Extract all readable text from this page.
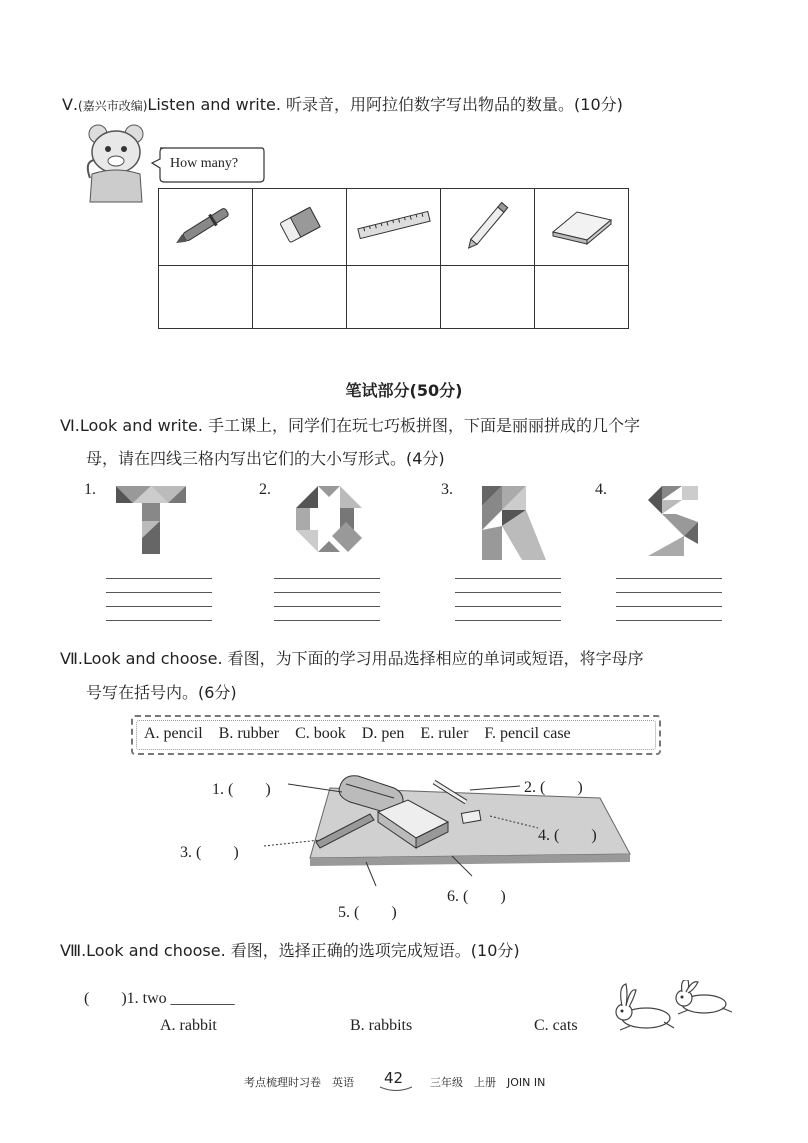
Ⅴ.(嘉兴市改编)Listen and write. 听录音，用阿拉伯数字写出物品的数量。(10分)
How many?

笔试部分(50分)
Ⅵ.Look and write. 手工课上，同学们在玩七巧板拼图，下面是丽丽拼成的几个字
母，请在四线三格内写出它们的大小写形式。(4分)
1.	2.	3.	4.
Ⅶ.Look and choose. 看图，为下面的学习用品选择相应的单词或短语，将字母序
号写在括号内。(6分)
A. pencil B. rubber C. book D. pen E. ruler F. pencil case
1. (　　)	2. (　　)
3. (　　)
4. (　　)
5. (　　)
6. (　　)
Ⅷ.Look and choose. 看图，选择正确的选项完成短语。(10分)
(　　)1. two ________
A. rabbit	B. rabbits	C. cats
考点梳理时习卷　英语 42 三年级　上册　JOIN IN
